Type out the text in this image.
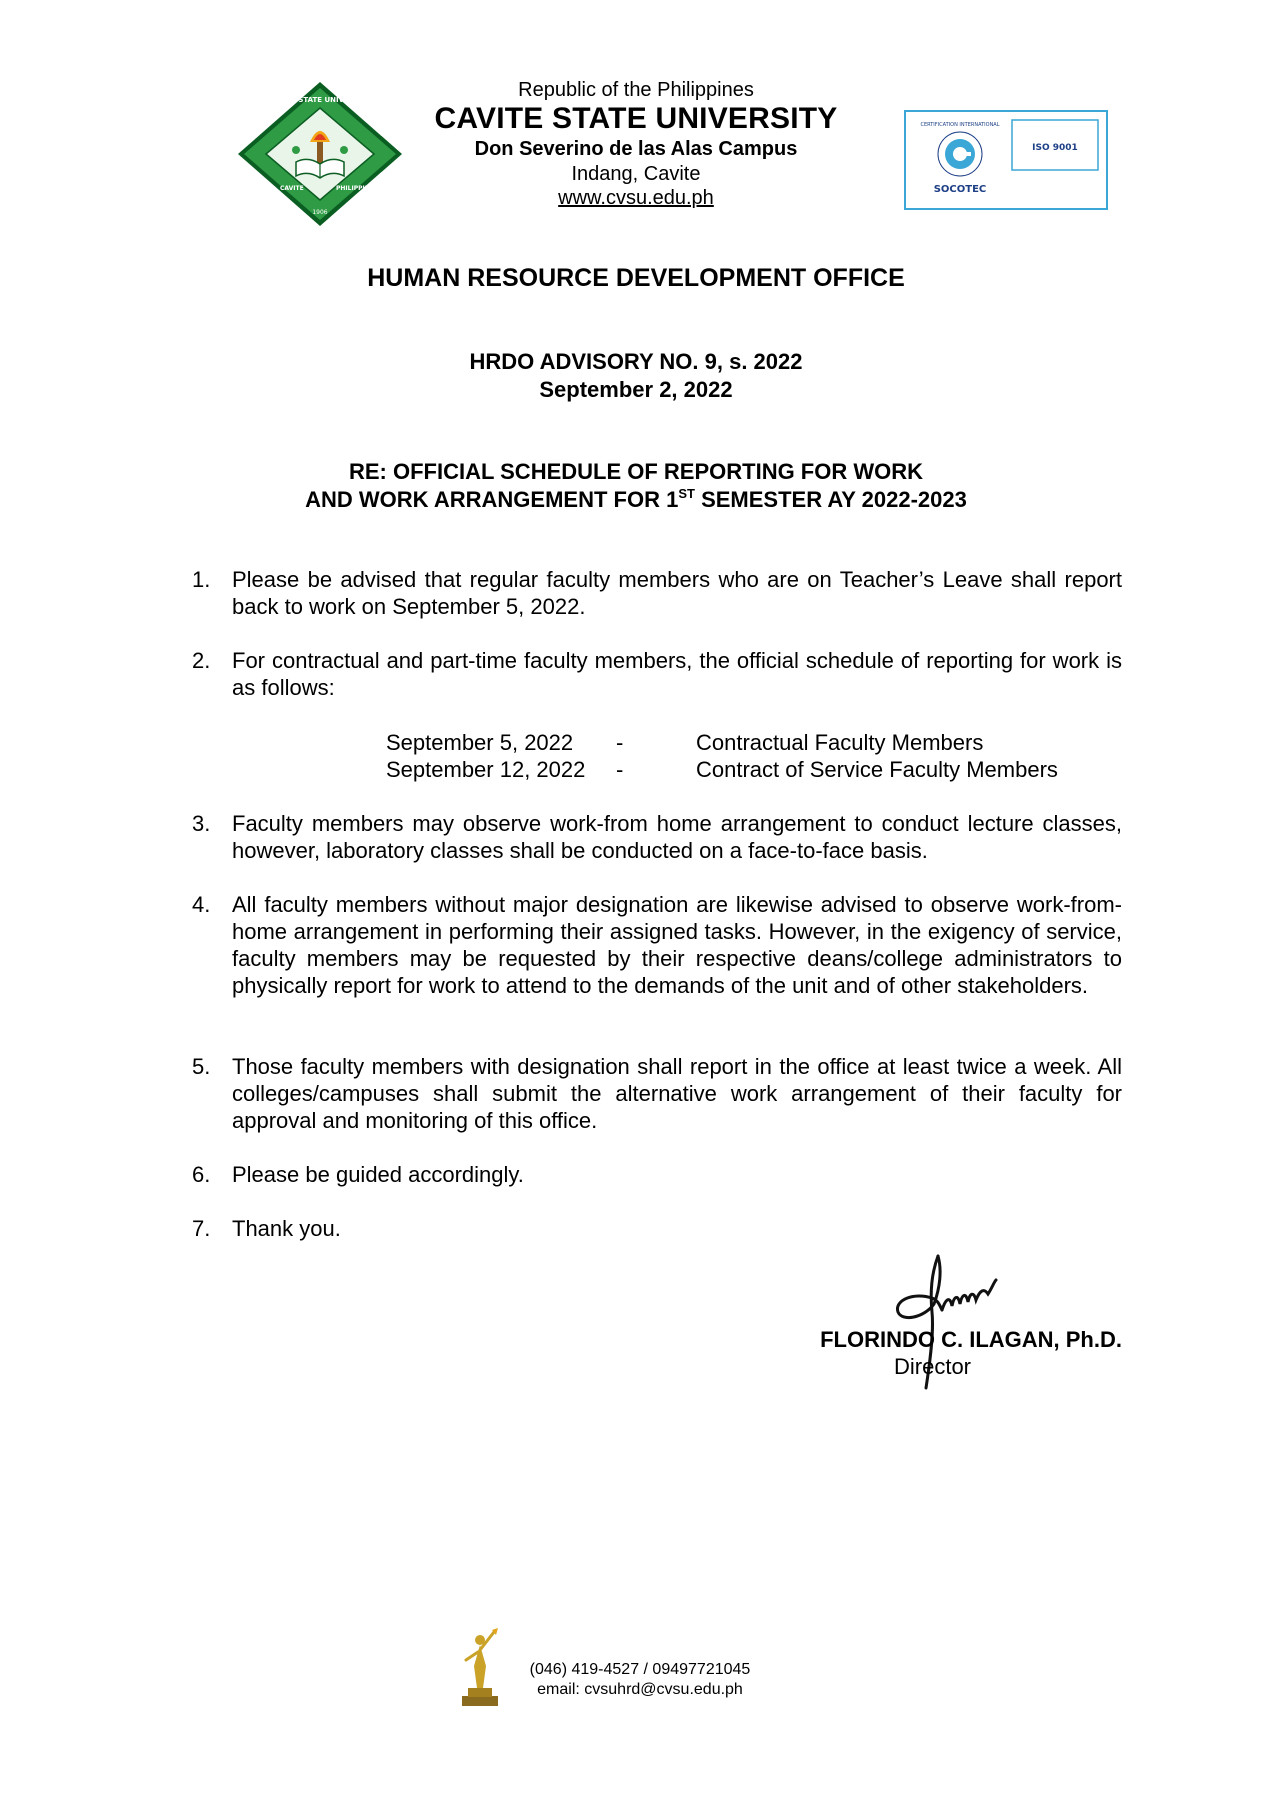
CAVITE STATE UNIVERSITY
CAVITE	PHILIPPINES
1906
Republic of the Philippines
CAVITE STATE UNIVERSITY
Don Severino de las Alas Campus
Indang, Cavite
www.cvsu.edu.ph
ISO 9001
CERTIFICATION INTERNATIONAL
SOCOTEC
HUMAN RESOURCE DEVELOPMENT OFFICE
HRDO ADVISORY NO. 9, s. 2022
September 2, 2022
RE: OFFICIAL SCHEDULE OF REPORTING FOR WORK
AND WORK ARRANGEMENT FOR 1ST SEMESTER AY 2022-2023
1. Please be advised that regular faculty members who are on Teacher’s Leave shall report back to work on September 5, 2022.
2. For contractual and part-time faculty members, the official schedule of reporting for work is as follows:
September 5, 2022 -	Contractual Faculty Members
September 12, 2022 -	Contract of Service Faculty Members
3. Faculty members may observe work-from home arrangement to conduct lecture classes, however, laboratory classes shall be conducted on a face-to-face basis.
4. All faculty members without major designation are likewise advised to observe work-from-home arrangement in performing their assigned tasks. However, in the exigency of service, faculty members may be requested by their respective deans/college administrators to physically report for work to attend to the demands of the unit and of other stakeholders.
5. Those faculty members with designation shall report in the office at least twice a week. All colleges/campuses shall submit the alternative work arrangement of their faculty for approval and monitoring of this office.
6. Please be guided accordingly.
7. Thank you.
FLORINDO C. ILAGAN, Ph.D.
Director
(046) 419-4527 / 09497721045
email: cvsuhrd@cvsu.edu.ph
